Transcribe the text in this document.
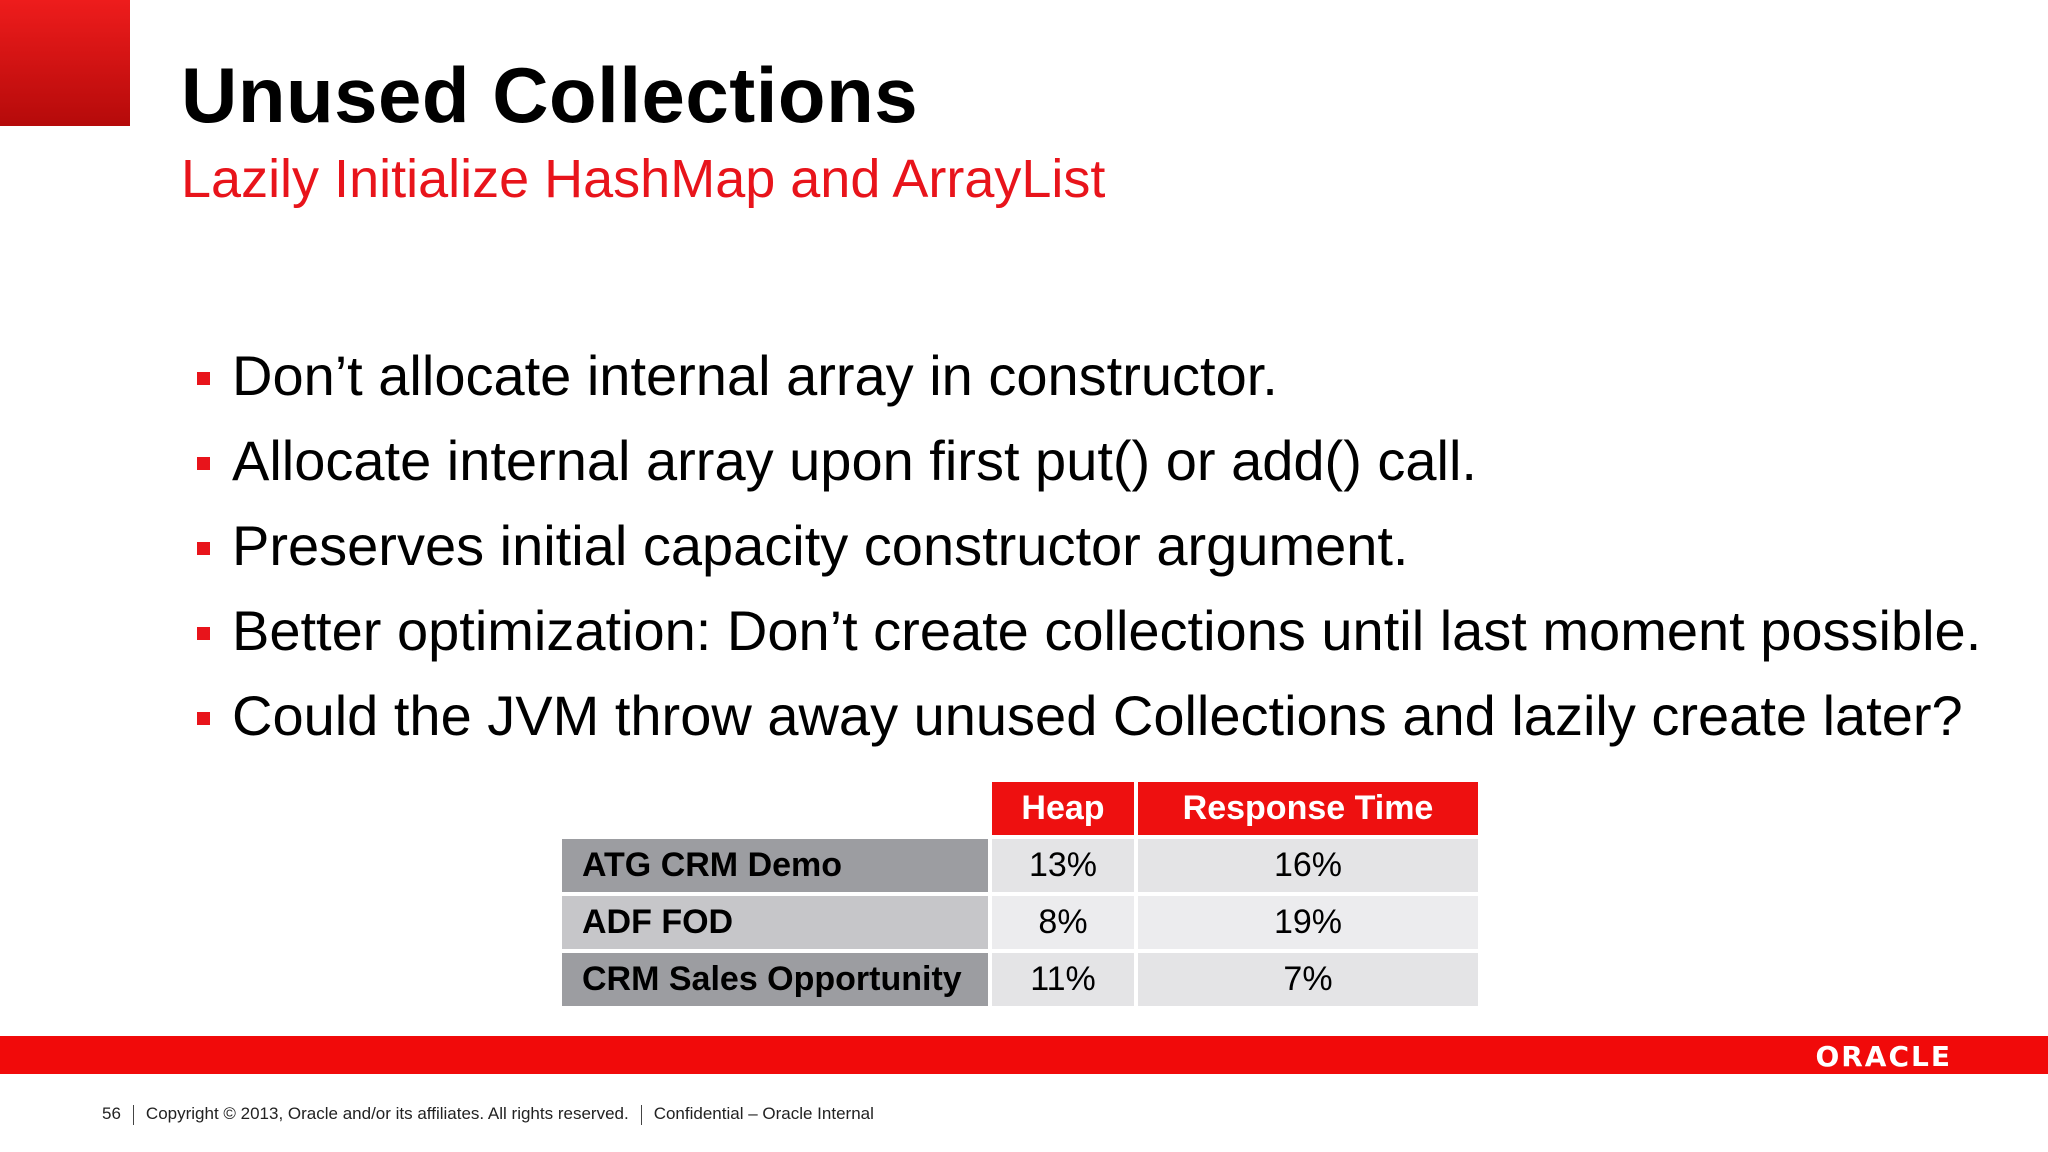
Unused Collections
Lazily Initialize HashMap and ArrayList
Don’t allocate internal array in constructor.
Allocate internal array upon first put() or add() call.
Preserves initial capacity constructor argument.
Better optimization: Don’t create collections until last moment possible.
Could the JVM throw away unused Collections and lazily create later?
	Heap	Response Time
ATG CRM Demo	13%	16%
ADF FOD	8%	19%
CRM Sales Opportunity	11%	7%
ORACLE
56 Copyright © 2013, Oracle and/or its affiliates. All rights reserved. Confidential – Oracle Internal
